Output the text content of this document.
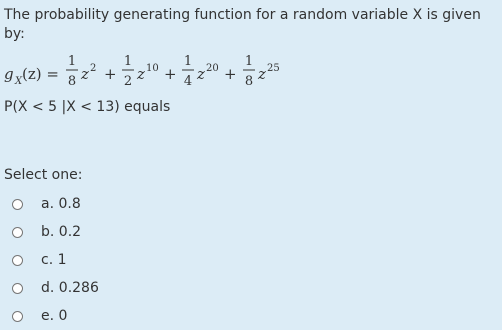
The probability generating function for a random variable X is given by:
g X (z) =
1
8 z 2 +
1
2 z 10 +
1
4 z 20 +
1
8 z 25
P(X < 5 |X < 13) equals
Select one:
a. 0.8
b. 0.2
c. 1
d. 0.286
e. 0
